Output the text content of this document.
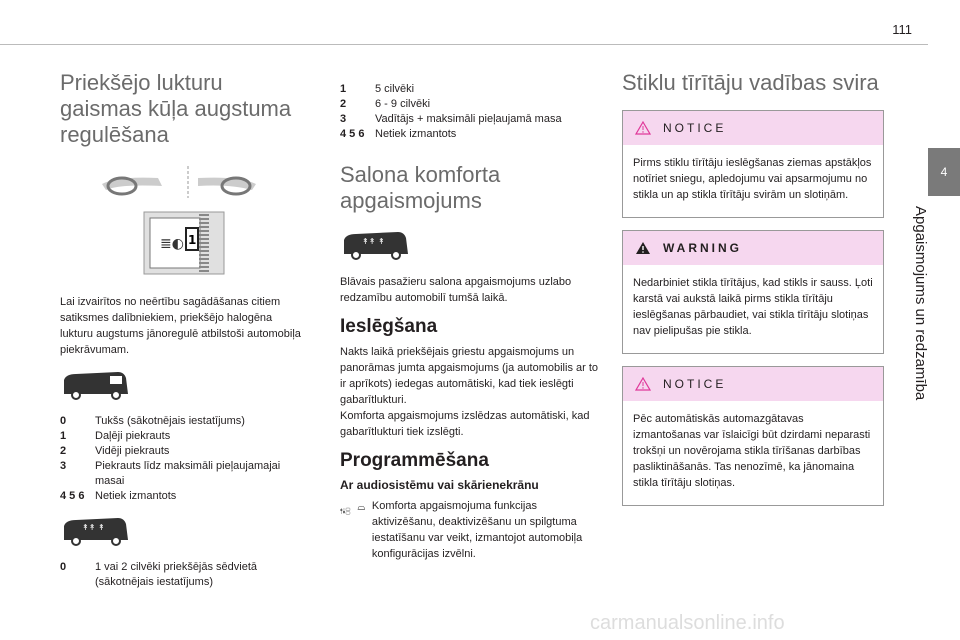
111
4
Apgaismojums un redzamība
Priekšējo lukturu gaismas kūļa augstuma regulēšana
≣◐ 1

Lai izvairītos no neērtību sagādāšanas citiem satiksmes dalībniekiem, priekšējo halogēna lukturu augstums jānoregulē atbilstoši automobiļa piekrāvumam.

0	Tukšs (sākotnējais iestatījums)
1	Daļēji piekrauts
2	Vidēji piekrauts
3	Piekrauts līdz maksimāli pieļaujamajai masai
4 5 6 Netiek izmantots
↟↟ ↟
0	1 vai 2 cilvēki priekšējās sēdvietā (sākotnējais iestatījums)
1	5 cilvēki
2	6 - 9 cilvēki
3	Vadītājs + maksimāli pieļaujamā masa
4 5 6 Netiek izmantots
Salona komforta apgaismojums
↟↟ ↟

Blāvais pasažieru salona apgaismojums uzlabo redzamību automobilī tumšā laikā.

Ieslēgšana

Nakts laikā priekšējais griestu apgaismojums un panorāmas jumta apgaismojums (ja automobilis ar to ir aprīkots) iedegas automātiski, kad tiek ieslēgti gabarītlukturi.

Komforta apgaismojums izslēdzas automātiski, kad gabarītlukturi tiek izslēgti.

Programmēšana
Ar audiosistēmu vai skārienekrānu

Komforta apgaismojuma funkcijas aktivizēšanu, deaktivizēšanu un spilgtuma iestatīšanu var veikt, izmantojot automobiļa konfigurācijas izvēlni.

Stiklu tīrītāju vadības svira
NOTICE

Pirms stiklu tīrītāju ieslēgšanas ziemas apstākļos notīriet sniegu, apledojumu vai apsarmojumu no stikla un ap stikla tīrītāju svirām un slotiņām.

WARNING

Nedarbiniet stikla tīrītājus, kad stikls ir sauss. Ļoti karstā vai aukstā laikā pirms stikla tīrītāju ieslēgšanas pārbaudiet, vai stikla tīrītāju slotiņas nav pielipušas pie stikla.

NOTICE

Pēc automātiskās automazgātavas izmantošanas var īslaicīgi būt dzirdami neparasti trokšņi un novērojama stikla tīrīšanas darbības pasliktināšanās. Tas nenozīmē, ka jānomaina stikla tīrītāju slotiņas.

carmanualsonline.info
